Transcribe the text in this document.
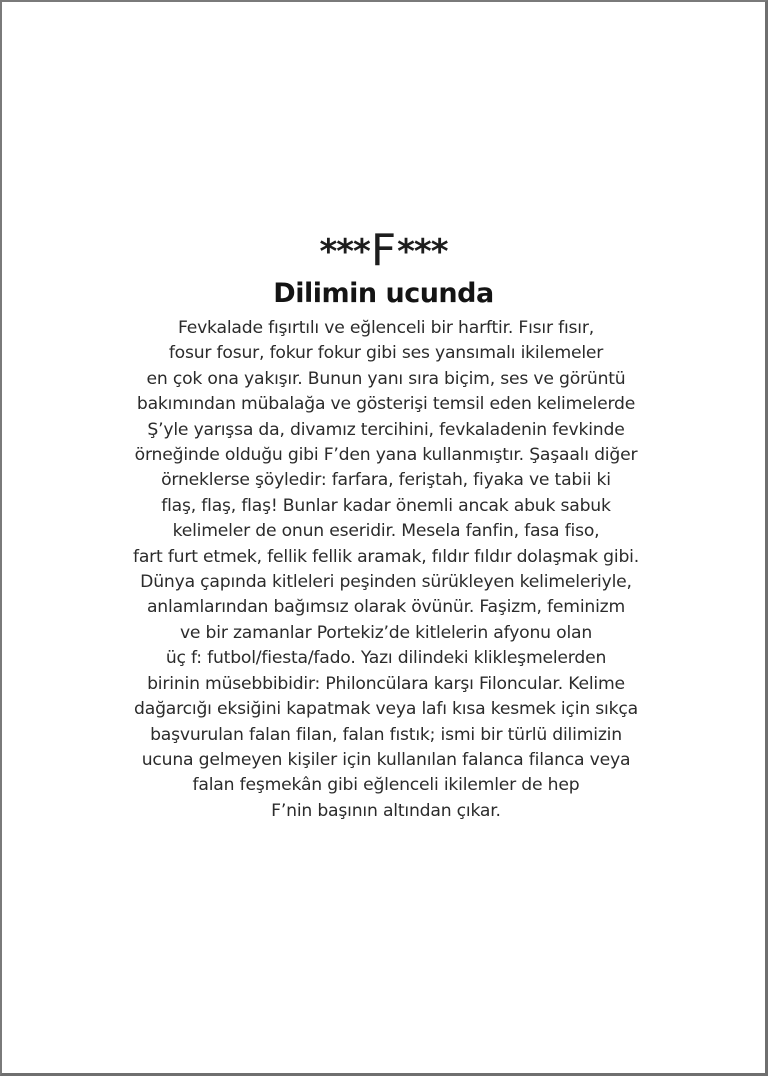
***F***
Dilimin ucunda
Fevkalade fışırtılı ve eğlenceli bir harftir. Fısır fısır,
fosur fosur, fokur fokur gibi ses yansımalı ikilemeler
en çok ona yakışır. Bunun yanı sıra biçim, ses ve görüntü
bakımından mübalağa ve gösterişi temsil eden kelimelerde
Ş’yle yarışsa da, divamız tercihini, fevkaladenin fevkinde
örneğinde olduğu gibi F’den yana kullanmıştır. Şaşaalı diğer
örneklerse şöyledir: farfara, feriştah, fiyaka ve tabii ki
flaş, flaş, flaş! Bunlar kadar önemli ancak abuk sabuk
kelimeler de onun eseridir. Mesela fanfin, fasa fiso,
fart furt etmek, fellik fellik aramak, fıldır fıldır dolaşmak gibi.
Dünya çapında kitleleri peşinden sürükleyen kelimeleriyle,
anlamlarından bağımsız olarak övünür. Faşizm, feminizm
ve bir zamanlar Portekiz’de kitlelerin afyonu olan
üç f: futbol/fiesta/fado. Yazı dilindeki klikleşmelerden
birinin müsebbibidir: Philoncülara karşı Filoncular. Kelime
dağarcığı eksiğini kapatmak veya lafı kısa kesmek için sıkça
başvurulan falan filan, falan fıstık; ismi bir türlü dilimizin
ucuna gelmeyen kişiler için kullanılan falanca filanca veya
falan feşmekân gibi eğlenceli ikilemler de hep
F’nin başının altından çıkar.
